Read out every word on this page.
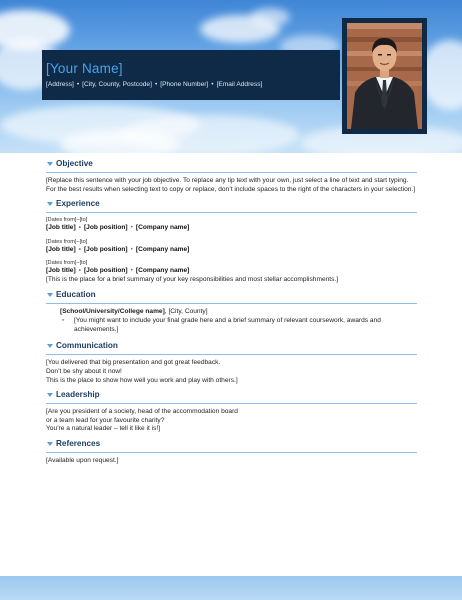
[Your Name]
[Address] • [City, County, Postcode] • [Phone Number] • [Email Address]
Objective

[Replace this sentence with your job objective. To replace any tip text with your own, just select a line of text and start typing. For the best results when selecting text to copy or replace, don’t include spaces to the right of the characters in your selection.]

Experience
[Dates from]–[to]
[Job title] • [Job position] • [Company name]
[Dates from]–[to]
[Job title] • [Job position] • [Company name]
[Dates from]–[to]
[Job title] • [Job position] • [Company name]

[This is the place for a brief summary of your key responsibilities and most stellar accomplishments.]

Education
[School/University/College name], [City, County]
▪ [You might want to include your final grade here and a brief summary of relevant coursework, awards and achievements.]
Communication

[You delivered that big presentation and got great feedback.

Don’t be shy about it now!

This is the place to show how well you work and play with others.]

Leadership

[Are you president of a society, head of the accommodation board

or a team lead for your favourite charity?

You’re a natural leader – tell it like it is!]

References

[Available upon request.]
